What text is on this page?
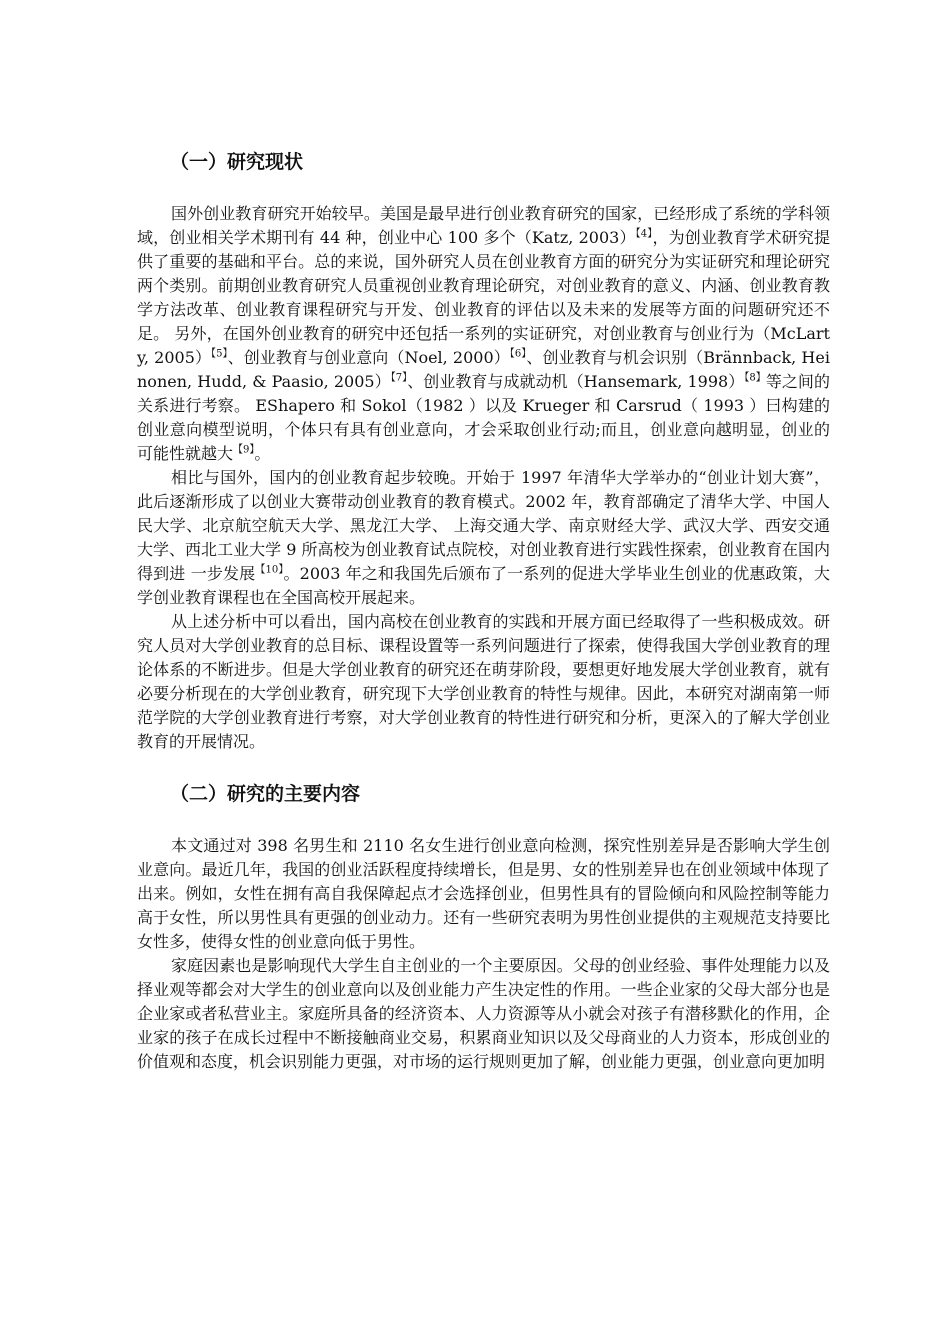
（一）研究现状

国外创业教育研究开始较早。美国是最早进行创业教育研究的国家，已经形成了系统的学科领域，创业相关学术期刊有 44 种，创业中心 100 多个（Katz, 2003）$^{【4】}$，为创业教育学术研究提供了重要的基础和平台。总的来说，国外研究人员在创业教育方面的研究分为实证研究和理论研究两个类别。前期创业教育研究人员重视创业教育理论研究，对创业教育的意义、内涵、创业教育教学方法改革、创业教育课程研究与开发、创业教育的评估以及未来的发展等方面的问题研究还不足。 另外，在国外创业教育的研究中还包括一系列的实证研究，对创业教育与创业行为（McLarty, 2005）$^{【5】}$、创业教育与创业意向（Noel, 2000）$^{【6】}$、创业教育与机会识别（Brännback, Heinonen, Hudd, & Paasio, 2005）$^{【7】}$、创业教育与成就动机（Hansemark, 1998）$^{【8】}$等之间的关系进行考察。 EShapero 和 Sokol（1982 ）以及 Krueger 和 Carsrud（ 1993 ）曰构建的创业意向模型说明，个体只有具有创业意向，才会采取创业行动;而且，创业意向越明显，创业的可能性就越大$^{【9】}$。

相比与国外，国内的创业教育起步较晚。开始于 1997 年清华大学举办的“创业计划大赛”，此后逐渐形成了以创业大赛带动创业教育的教育模式。2002 年，教育部确定了清华大学、中国人民大学、北京航空航天大学、黑龙江大学、 上海交通大学、南京财经大学、武汉大学、西安交通大学、西北工业大学 9 所高校为创业教育试点院校，对创业教育进行实践性探索，创业教育在国内得到进 一步发展$^{【10】}$。2003 年之和我国先后颁布了一系列的促进大学毕业生创业的优惠政策，大学创业教育课程也在全国高校开展起来。

从上述分析中可以看出，国内高校在创业教育的实践和开展方面已经取得了一些积极成效。研究人员对大学创业教育的总目标、课程设置等一系列问题进行了探索，使得我国大学创业教育的理论体系的不断进步。但是大学创业教育的研究还在萌芽阶段，要想更好地发展大学创业教育，就有必要分析现在的大学创业教育，研究现下大学创业教育的特性与规律。因此，本研究对湖南第一师范学院的大学创业教育进行考察，对大学创业教育的特性进行研究和分析，更深入的了解大学创业教育的开展情况。

（二）研究的主要内容

本文通过对 398 名男生和 2110 名女生进行创业意向检测，探究性别差异是否影响大学生创业意向。最近几年，我国的创业活跃程度持续增长，但是男、女的性别差异也在创业领域中体现了出来。例如，女性在拥有高自我保障起点才会选择创业，但男性具有的冒险倾向和风险控制等能力高于女性，所以男性具有更强的创业动力。还有一些研究表明为男性创业提供的主观规范支持要比女性多，使得女性的创业意向低于男性。

家庭因素也是影响现代大学生自主创业的一个主要原因。父母的创业经验、事件处理能力以及择业观等都会对大学生的创业意向以及创业能力产生决定性的作用。一些企业家的父母大部分也是企业家或者私营业主。家庭所具备的经济资本、人力资源等从小就会对孩子有潜移默化的作用，企业家的孩子在成长过程中不断接触商业交易，积累商业知识以及父母商业的人力资本，形成创业的价值观和态度，机会识别能力更强，对市场的运行规则更加了解，创业能力更强，创业意向更加明
